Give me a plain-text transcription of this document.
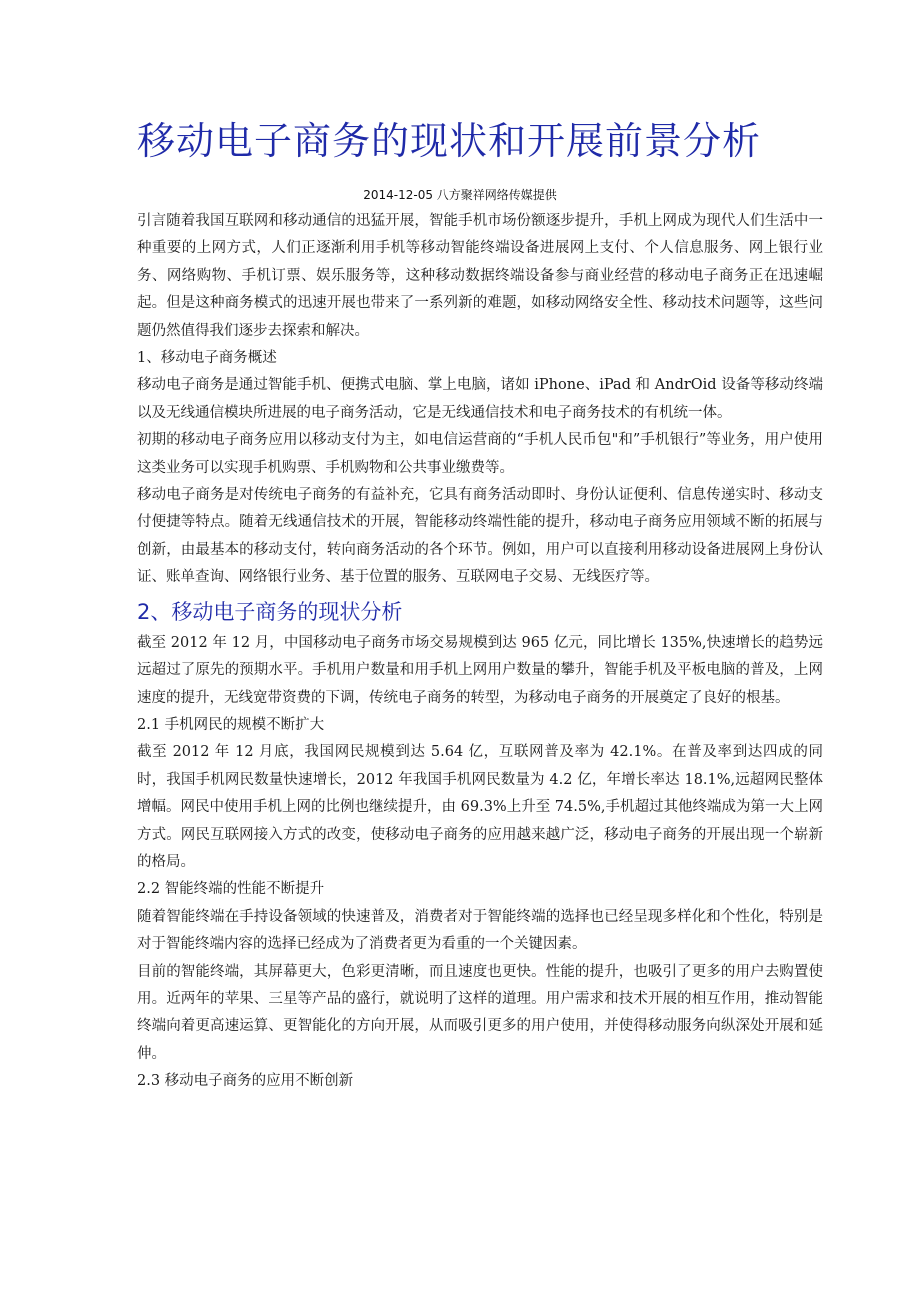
移动电子商务的现状和开展前景分析
2014-12-05 八方聚祥网络传媒提供

引言随着我国互联网和移动通信的迅猛开展，智能手机市场份额逐步提升，手机上网成为现代人们生活中一种重要的上网方式，人们正逐渐利用手机等移动智能终端设备进展网上支付、个人信息服务、网上银行业务、网络购物、手机订票、娱乐服务等，这种移动数据终端设备参与商业经营的移动电子商务正在迅速崛起。但是这种商务模式的迅速开展也带来了一系列新的难题，如移动网络安全性、移动技术问题等，这些问题仍然值得我们逐步去探索和解决。

1、移动电子商务概述

移动电子商务是通过智能手机、便携式电脑、掌上电脑，诸如 iPhone、iPad 和 AndrOid 设备等移动终端以及无线通信模块所进展的电子商务活动，它是无线通信技术和电子商务技术的有机统一体。

初期的移动电子商务应用以移动支付为主，如电信运营商的“手机人民币包"和”手机银行”等业务，用户使用这类业务可以实现手机购票、手机购物和公共事业缴费等。

移动电子商务是对传统电子商务的有益补充，它具有商务活动即时、身份认证便利、信息传递实时、移动支付便捷等特点。随着无线通信技术的开展，智能移动终端性能的提升，移动电子商务应用领域不断的拓展与创新，由最基本的移动支付，转向商务活动的各个环节。例如，用户可以直接利用移动设备进展网上身份认证、账单查询、网络银行业务、基于位置的服务、互联网电子交易、无线医疗等。

2、移动电子商务的现状分析

截至 2012 年 12 月，中国移动电子商务市场交易规模到达 965 亿元，同比增长 135%,快速增长的趋势远远超过了原先的预期水平。手机用户数量和用手机上网用户数量的攀升，智能手机及平板电脑的普及，上网速度的提升，无线宽带资费的下调，传统电子商务的转型，为移动电子商务的开展奠定了良好的根基。

2.1 手机网民的规模不断扩大

截至 2012 年 12 月底，我国网民规模到达 5.64 亿，互联网普及率为 42.1%。在普及率到达四成的同时，我国手机网民数量快速增长，2012 年我国手机网民数量为 4.2 亿，年增长率达 18.1%,远超网民整体增幅。网民中使用手机上网的比例也继续提升，由 69.3%上升至 74.5%,手机超过其他终端成为第一大上网方式。网民互联网接入方式的改变，使移动电子商务的应用越来越广泛，移动电子商务的开展出现一个崭新的格局。

2.2 智能终端的性能不断提升

随着智能终端在手持设备领域的快速普及，消费者对于智能终端的选择也已经呈现多样化和个性化，特别是对于智能终端内容的选择已经成为了消费者更为看重的一个关键因素。

目前的智能终端，其屏幕更大，色彩更清晰，而且速度也更快。性能的提升，也吸引了更多的用户去购置使用。近两年的苹果、三星等产品的盛行，就说明了这样的道理。用户需求和技术开展的相互作用，推动智能终端向着更高速运算、更智能化的方向开展，从而吸引更多的用户使用，并使得移动服务向纵深处开展和延伸。

2.3 移动电子商务的应用不断创新
